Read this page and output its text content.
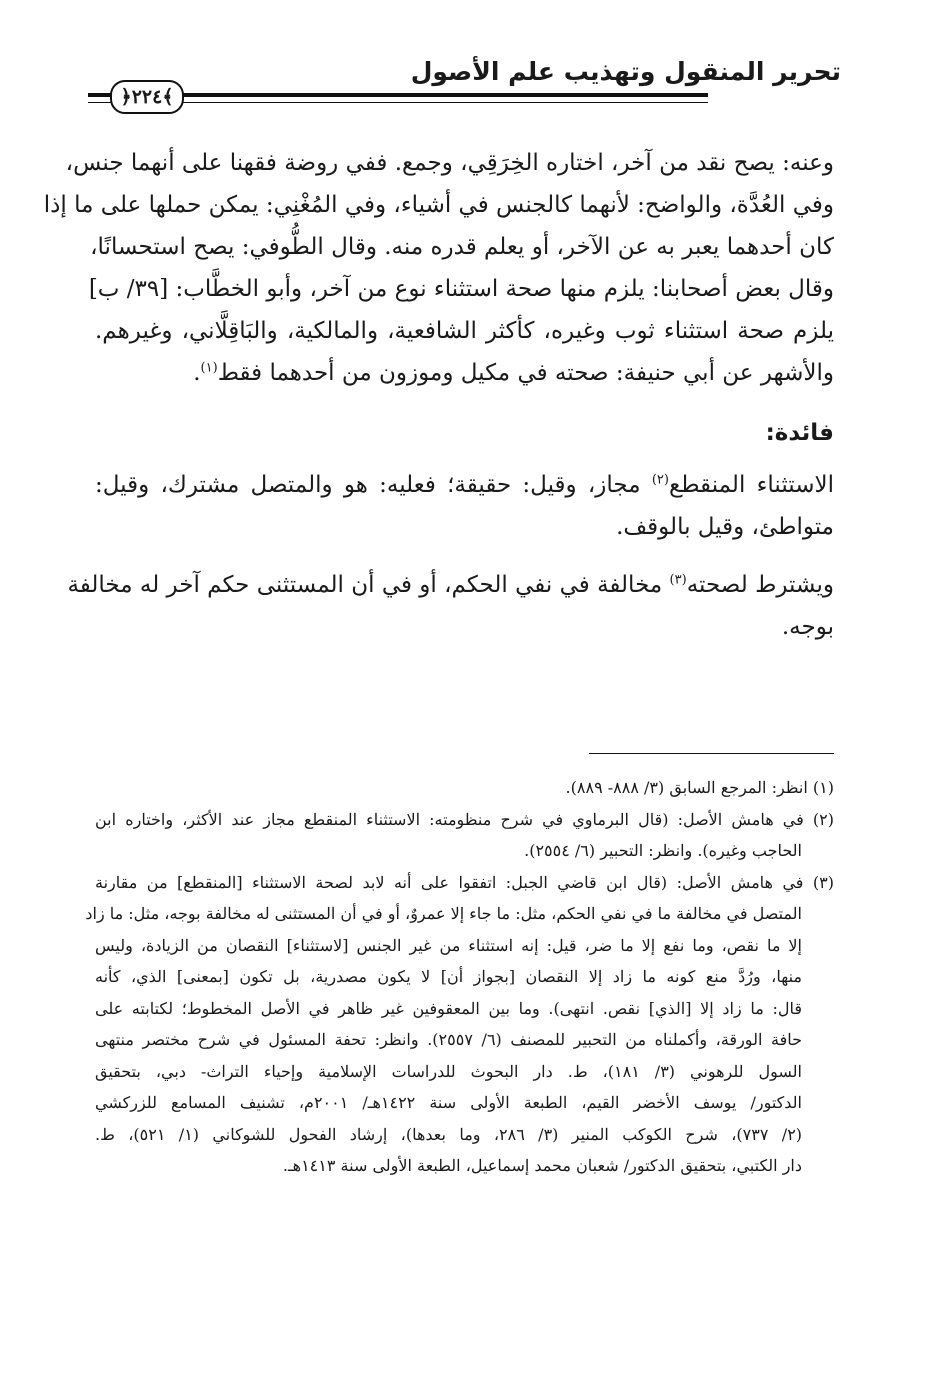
تحرير المنقول وتهذيب علم الأصول
﴿٢٢٤﴾
وعنه: يصح نقد من آخر، اختاره الخِرَقِي، وجمع. ففي روضة فقهنا على أنهما جنس،
وفي العُدَّة، والواضح: لأنهما كالجنس في أشياء، وفي المُغْنِي: يمكن حملها على ما إذا
كان أحدهما يعبر به عن الآخر، أو يعلم قدره منه. وقال الطُّوفي: يصح استحسانًا،
وقال بعض أصحابنا: يلزم منها صحة استثناء نوع من آخر، وأبو الخطَّاب: [٣٩/ ب]
يلزم صحة استثناء ثوب وغيره، كأكثر الشافعية، والمالكية، والبَاقِلَّاني، وغيرهم.
والأشهر عن أبي حنيفة: صحته في مكيل وموزون من أحدهما فقط$^{(١)}$.
فائدة:
الاستثناء المنقطع$^{(٢)}$ مجاز، وقيل: حقيقة؛ فعليه: هو والمتصل مشترك، وقيل:
متواطئ، وقيل بالوقف.
ويشترط لصحته$^{(٣)}$ مخالفة في نفي الحكم، أو في أن المستثنى حكم آخر له مخالفة
بوجه.
(١) انظر: المرجع السابق (٣/ ٨٨٨- ٨٨٩).
(٢) في هامش الأصل: (قال البرماوي في شرح منظومته: الاستثناء المنقطع مجاز عند الأكثر، واختاره ابن
الحاجب وغيره). وانظر: التحبير (٦/ ٢٥٥٤).
(٣) في هامش الأصل: (قال ابن قاضي الجبل: اتفقوا على أنه لابد لصحة الاستثناء [المنقطع] من مقارنة
المتصل في مخالفة ما في نفي الحكم، مثل: ما جاء إلا عمروٌ، أو في أن المستثنى له مخالفة بوجه، مثل: ما زاد
إلا ما نقص، وما نفع إلا ما ضر، قيل: إنه استثناء من غير الجنس [لاستثناء] النقصان من الزيادة، وليس
منها، ورُدَّ منع كونه ما زاد إلا النقصان [بجواز أن] لا يكون مصدرية، بل تكون [بمعنى] الذي، كأنه
قال: ما زاد إلا [الذي] نقص. انتهى). وما بين المعقوفين غير ظاهر في الأصل المخطوط؛ لكتابته على
حافة الورقة، وأكملناه من التحبير للمصنف (٦/ ٢٥٥٧). وانظر: تحفة المسئول في شرح مختصر منتهى
السول للرهوني (٣/ ١٨١)، ط. دار البحوث للدراسات الإسلامية وإحياء التراث- دبي، بتحقيق
الدكتور/ يوسف الأخضر القيم، الطبعة الأولى سنة ١٤٢٢هـ/ ٢٠٠١م، تشنيف المسامع للزركشي
(٢/ ٧٣٧)، شرح الكوكب المنير (٣/ ٢٨٦، وما بعدها)، إرشاد الفحول للشوكاني (١/ ٥٢١)، ط.
دار الكتبي، بتحقيق الدكتور/ شعبان محمد إسماعيل، الطبعة الأولى سنة ١٤١٣هـ.
